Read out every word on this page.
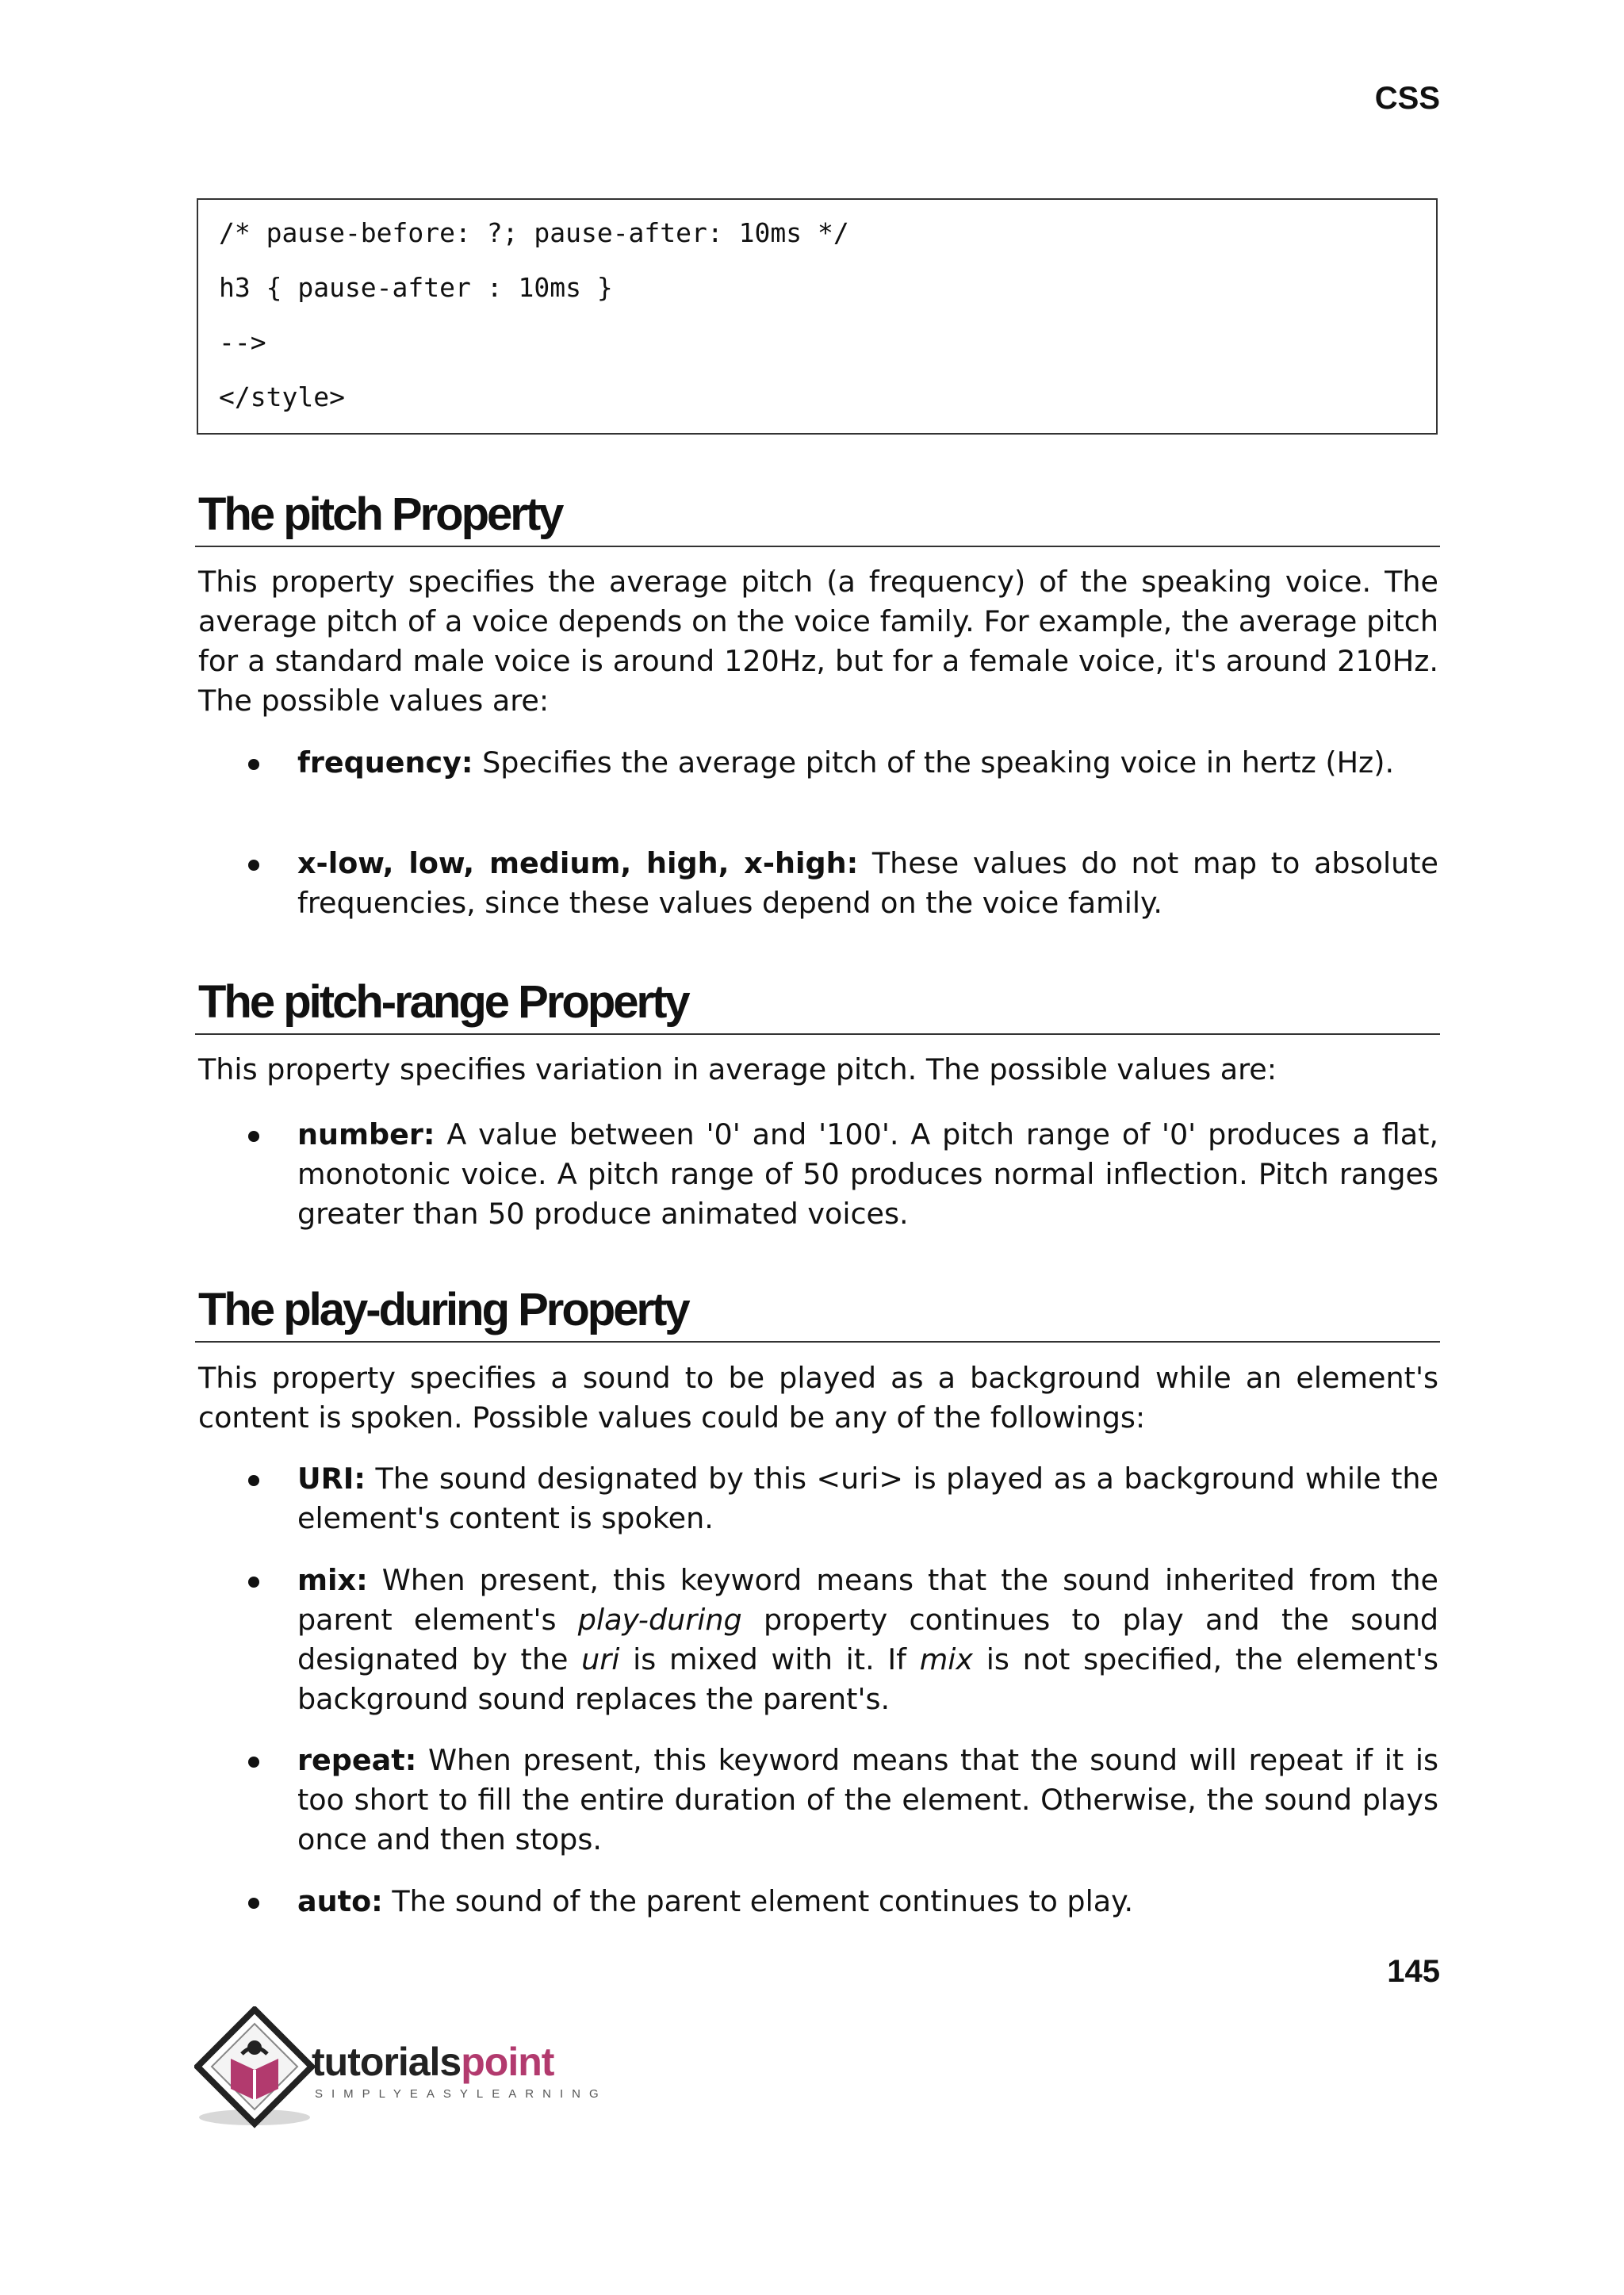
CSS
/* pause-before: ?; pause-after: 10ms */
h3 { pause-after : 10ms }
-->
</style>
The pitch Property
This property specifies the average pitch (a frequency) of the speaking voice. The average pitch of a voice depends on the voice family. For example, the average pitch for a standard male voice is around 120Hz, but for a female voice, it's around 210Hz. The possible values are:
frequency: Specifies the average pitch of the speaking voice in hertz (Hz).
x-low, low, medium, high, x-high: These values do not map to absolute frequencies, since these values depend on the voice family.
The pitch-range Property
This property specifies variation in average pitch. The possible values are:
number: A value between '0' and '100'. A pitch range of '0' produces a flat, monotonic voice. A pitch range of 50 produces normal inflection. Pitch ranges greater than 50 produce animated voices.
The play-during Property
This property specifies a sound to be played as a background while an element's content is spoken. Possible values could be any of the followings:
URI: The sound designated by this <uri> is played as a background while the element's content is spoken.
mix: When present, this keyword means that the sound inherited from the parent element's play-during property continues to play and the sound designated by the uri is mixed with it. If mix is not specified, the element's background sound replaces the parent's.
repeat: When present, this keyword means that the sound will repeat if it is too short to fill the entire duration of the element. Otherwise, the sound plays once and then stops.
auto: The sound of the parent element continues to play.
145
tutorialspoint
SIMPLYEASYLEARNING
